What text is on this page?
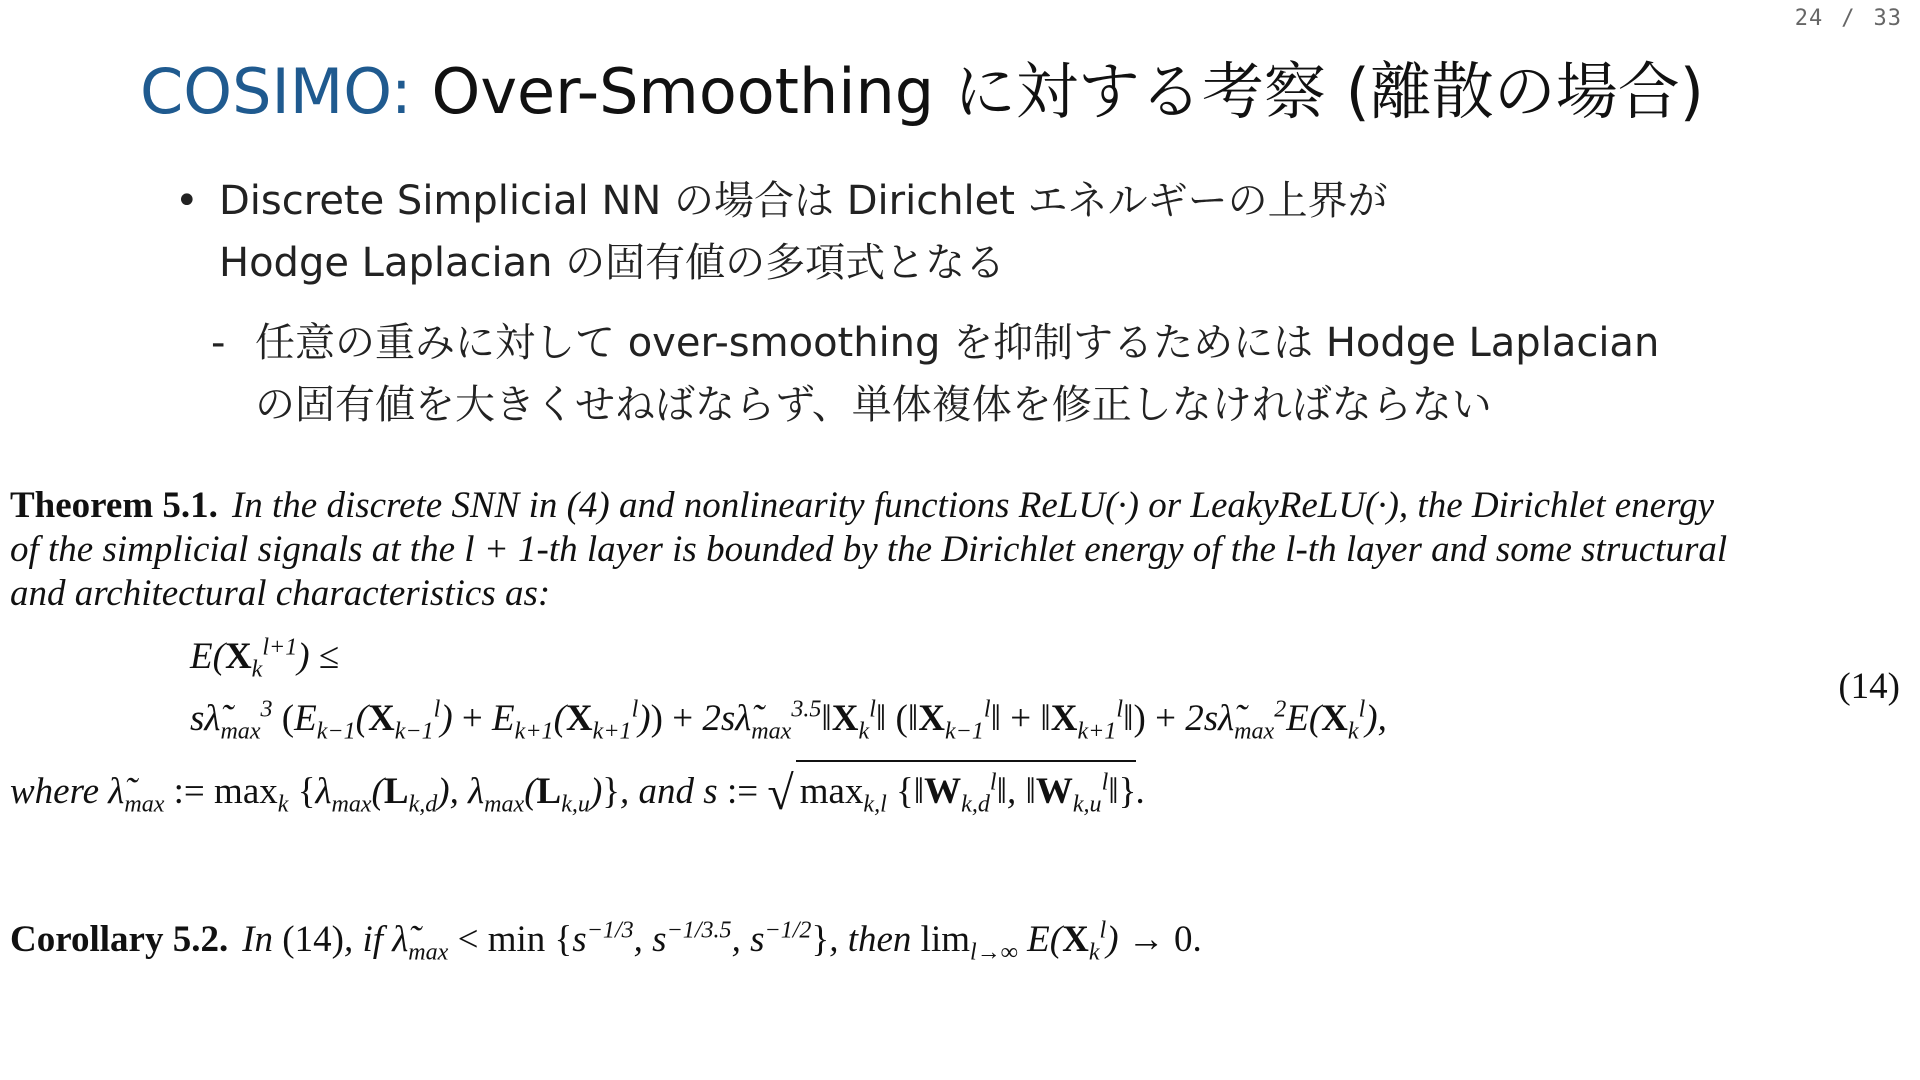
24 / 33
COSIMO: Over-Smoothing に対する考察 (離散の場合)
• Discrete Simplicial NN の場合は Dirichlet エネルギーの上界が
Hodge Laplacian の固有値の多項式となる
- 任意の重みに対して over-smoothing を抑制するためには Hodge Laplacian
の固有値を大きくせねばならず、単体複体を修正しなければならない
Theorem 5.1. In the discrete SNN in (4) and nonlinearity functions ReLU(·) or LeakyReLU(·), the Dirichlet energy
of the simplicial signals at the l + 1-th layer is bounded by the Dirichlet energy of the l-th layer and some structural
and architectural characteristics as:
$E(X_k^{l+1})$ ≤
$s\lambdã_{max}^3$ $(E_{k-1}(X_{k-1}^l) + E_{k+1}(X_{k+1}^l))$ + $2s\lambdã_{max}^{3.5}‖X_k^l‖$ ($‖X_{k-1}^l‖$ + $‖X_{k+1}^l‖$) + $2s\lambdã_{max}^2E(X_k^l)$,
(14)
where $\lambdã_{max}$ := $\max_k \{\lambda_{max}(L_{k,d})$, $\lambda_{max}(L_{k,u})$}, and s := √ $\max_{k,l}$ {$‖W_{k,d}^l‖$, $‖W_{k,u}^l‖$}.
Corollary 5.2. In (14), if $\lambdã_{max} < \min \{s^{-1/3}$, $s^{-1/3.5}$, $s^{-1/2}$}, then $\lim_{l\to\infty} E(X_k^l) \to 0$.
